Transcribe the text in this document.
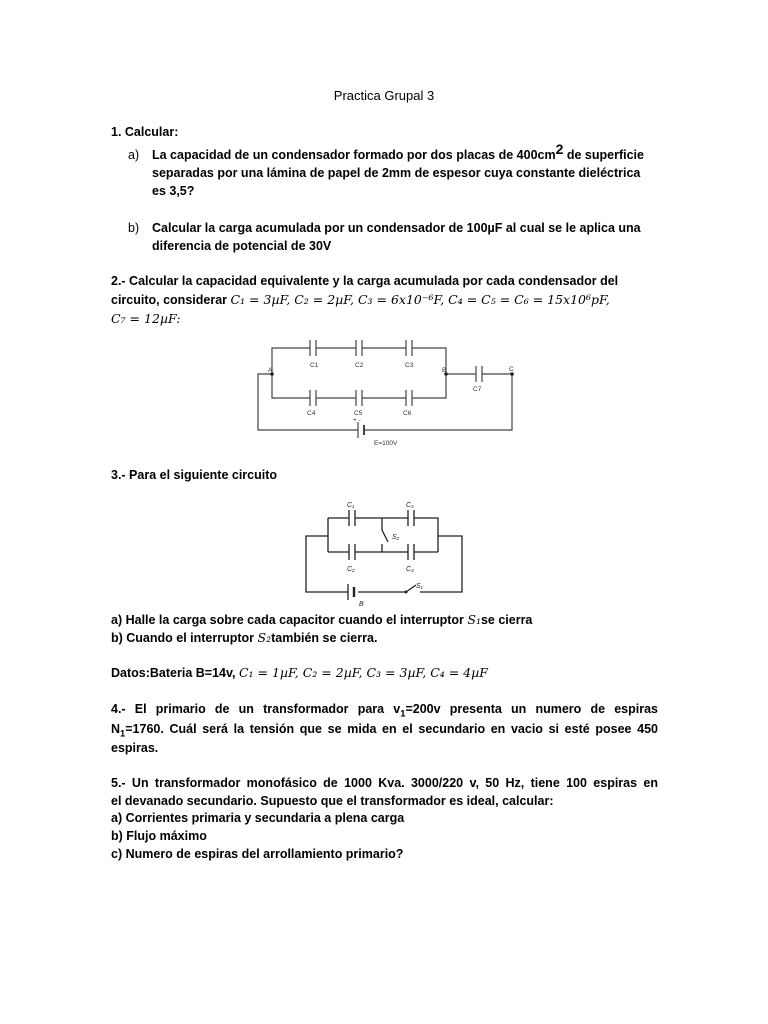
Practica Grupal 3
1. Calcular:
a) La capacidad de un condensador formado por dos placas de $400cm^2$ de superficie
separadas por una lámina de papel de 2mm de espesor cuya constante dieléctrica
es 3,5?
b) Calcular la carga acumulada por un condensador de 100µF al cual se le aplica una
diferencia de potencial de 30V
2.- Calcular la capacidad equivalente y la carga acumulada por cada condensador del
circuito, considerar C₁ = 3µF, C₂ = 2µF, C₃ = 6x10⁻⁶F, C₄ = C₅ = C₆ = 15x10⁶pF,
C₇ = 12µF:
C1	C2	C3
C4	C5	C6
C7
A	B	C
E=100V
+ -
3.- Para el siguiente circuito
C₁	C₃
C₂	C₄
S₂
S₁
B
a) Halle la carga sobre cada capacitor cuando el interruptor S₁se cierra
b) Cuando el interruptor S₂también se cierra.
Datos:Bateria B=14v, C₁ = 1µF, C₂ = 2µF, C₃ = 3µF, C₄ = 4µF
4.- El primario de un transformador para $v_1=200v$ presenta un numero de espiras
$N_1=1760$. Cuál será la tensión que se mida en el secundario en vacio si esté posee 450
espiras.
5.- Un transformador monofásico de 1000 Kva. 3000/220 v, 50 Hz, tiene 100 espiras en
el devanado secundario. Supuesto que el transformador es ideal, calcular:
a) Corrientes primaria y secundaria a plena carga
b) Flujo máximo
c) Numero de espiras del arrollamiento primario?
